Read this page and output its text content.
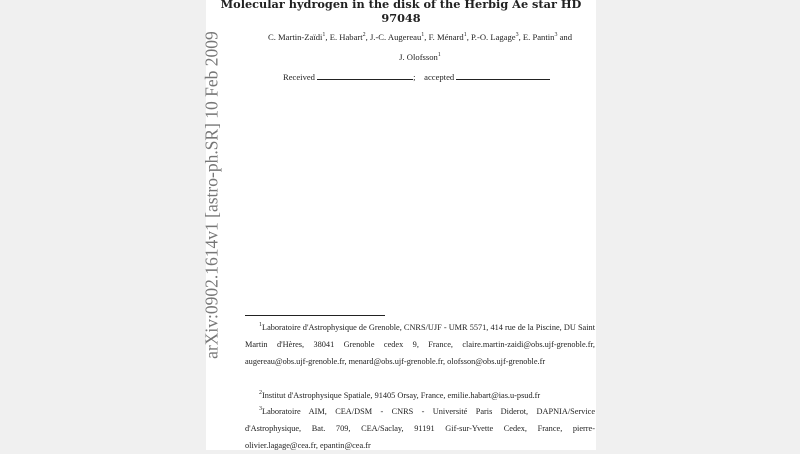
arXiv:0902.1614v1 [astro-ph.SR] 10 Feb 2009
Molecular hydrogen in the disk of the Herbig Ae star HD 97048
C. Martin-Zaïdi$^1$, E. Habart$^2$, J.-C. Augereau$^1$, F. Ménard$^1$, P.-O. Lagage$^3$, E. Pantin$^3$ and
J. Olofsson$^1$
Received	; accepted
$^1$Laboratoire d'Astrophysique de Grenoble, CNRS/UJF - UMR 5571, 414 rue de la Piscine, DU Saint Martin d'Hères, 38041 Grenoble cedex 9, France, claire.martin-zaidi@obs.ujf-grenoble.fr, augereau@obs.ujf-grenoble.fr, menard@obs.ujf-grenoble.fr, olofsson@obs.ujf-grenoble.fr
$^2$Institut d'Astrophysique Spatiale, 91405 Orsay, France, emilie.habart@ias.u-psud.fr
$^3$Laboratoire AIM, CEA/DSM - CNRS - Université Paris Diderot, DAPNIA/Service d'Astrophysique, Bat. 709, CEA/Saclay, 91191 Gif-sur-Yvette Cedex, France, pierre-olivier.lagage@cea.fr, epantin@cea.fr
